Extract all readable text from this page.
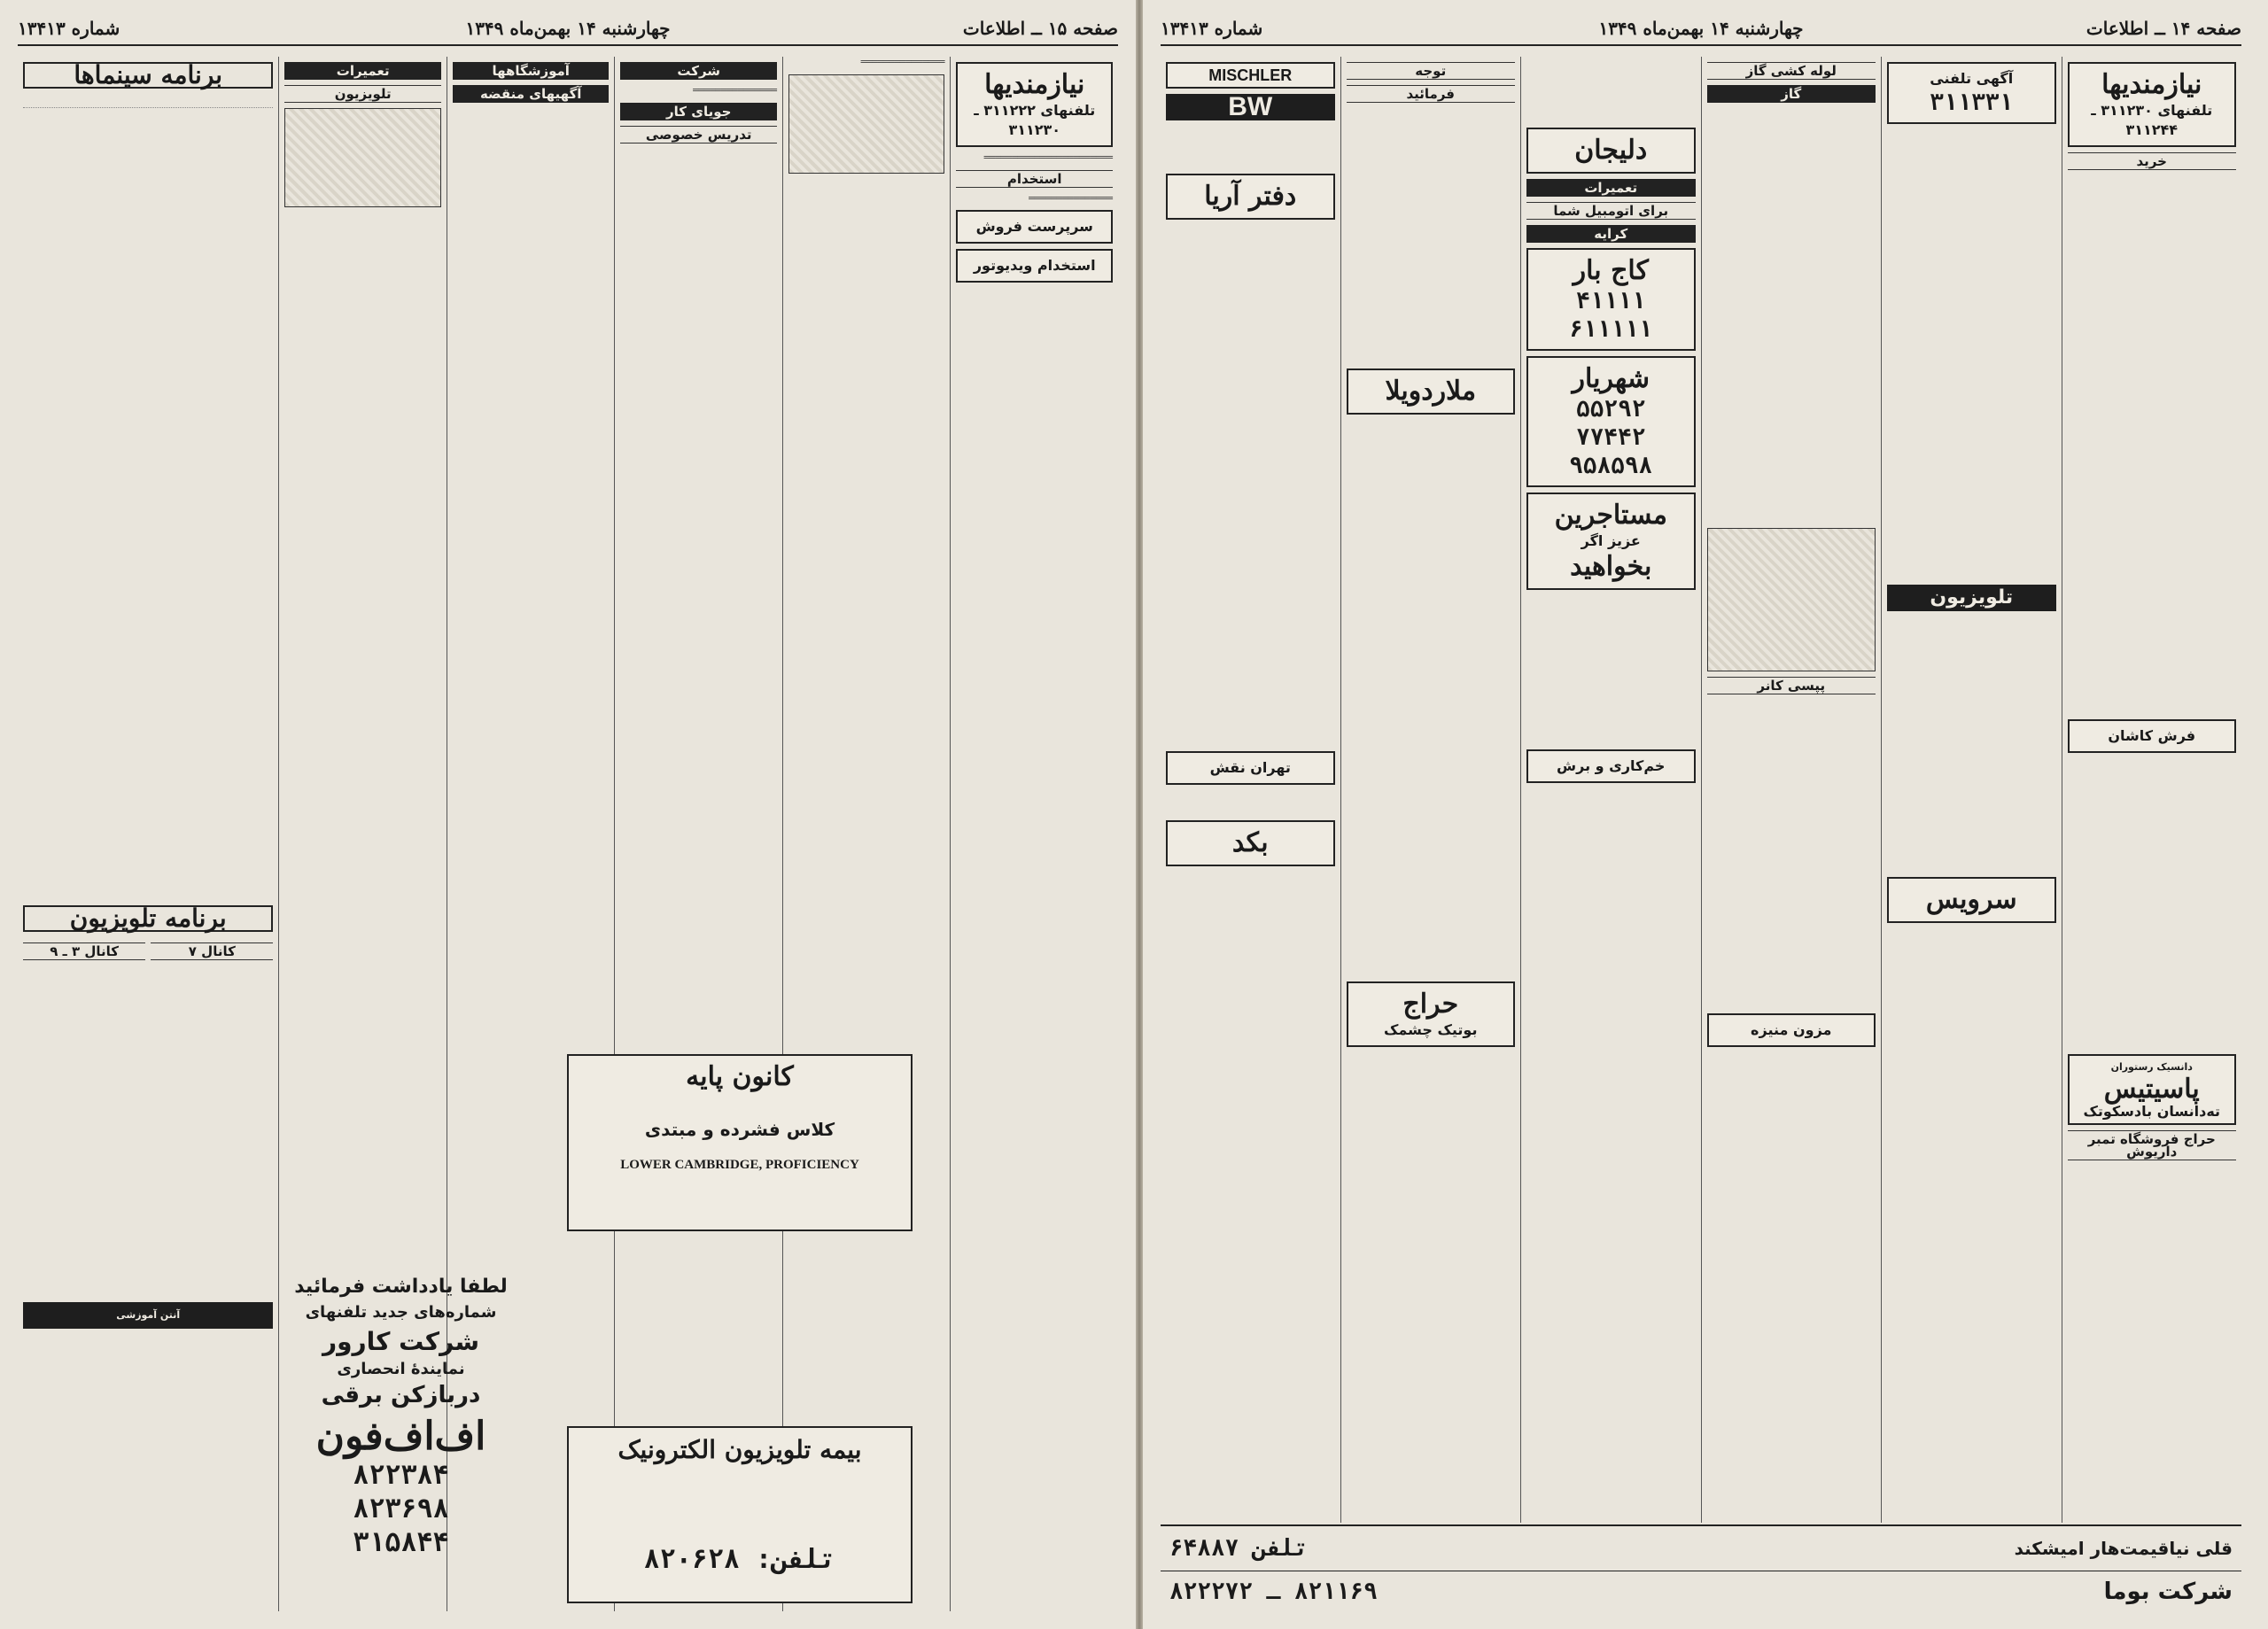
صفحه ۱۵ ــ اطلاعات
چهارشنبه ۱۴ بهمن‌ماه ۱۳۴۹
شماره ۱۳۴۱۳
نیازمندیها
تلفنهای ۳۱۱۲۲۲ ـ ۳۱۱۲۳۰

═══════════════════════

استخدام

═══════════════

سرپرست فروش
استخدام ویدیوتور

═══════════════

شرکت

═══════════════

جویای کار
تدریس خصوصی
آموزشگاهها
آگهیهای منقضه
تعمیرات
تلویزیون
برنامه سینماها

برنامه تلویزیون
کانال ۷
کانال ۳ ـ ۹
آنتن آموزشی
کانون پایه
کلاس فشرده و مبتدی
LOWER CAMBRIDGE, PROFICIENCY
لطفا یادداشت فرمائید
شماره‌های جدید تلفنهای
شرکت کارور
نمایندهٔ انحصاری
دربازکن برقی
اف‌اف‌فون
۸۲۲۳۸۴
۸۲۳۶۹۸
۳۱۵۸۴۴
بیمه تلویزیون الکترونیک
تلفن: ۸۲۰۶۲۸
صفحه ۱۴ ــ اطلاعات
چهارشنبه ۱۴ بهمن‌ماه ۱۳۴۹
شماره ۱۳۴۱۳
نیازمندیها
تلفنهای ۳۱۱۲۳۰ ـ ۳۱۱۲۴۴
خرید
فرش کاشان
دانسیک رستوران
پاسیتیس
ته‌دانسان بادسکوتک
حراج فروشگاه تمبر داریوش
آگهی تلفنی
۳۱۱۳۳۱
تلویزیون
سرویس
لوله کشی گاز
گاز
پپسی کانر
مزون منیزه
دلیجان
تعمیرات
برای اتومبیل شما
کرایه
کاج بار
۴۱۱۱۱
۶۱۱۱۱۱
شهریار
۵۵۲۹۲
۷۷۴۴۲
۹۵۸۵۹۸
مستاجرین
عزیز اگر
بخواهید
خم‌کاری و برش
توجه
فرمائید
ملاردویلا
حراج
بوتیک چشمک
MISCHLER
BW
دفتر آریا
تهران نقش
بکد
قلی نیاقیمت‌هار امیشکند
تلفن ۶۴۸۸۷
شرکت بوما
۸۲۱۱۶۹ ـ ۸۲۲۲۷۲
